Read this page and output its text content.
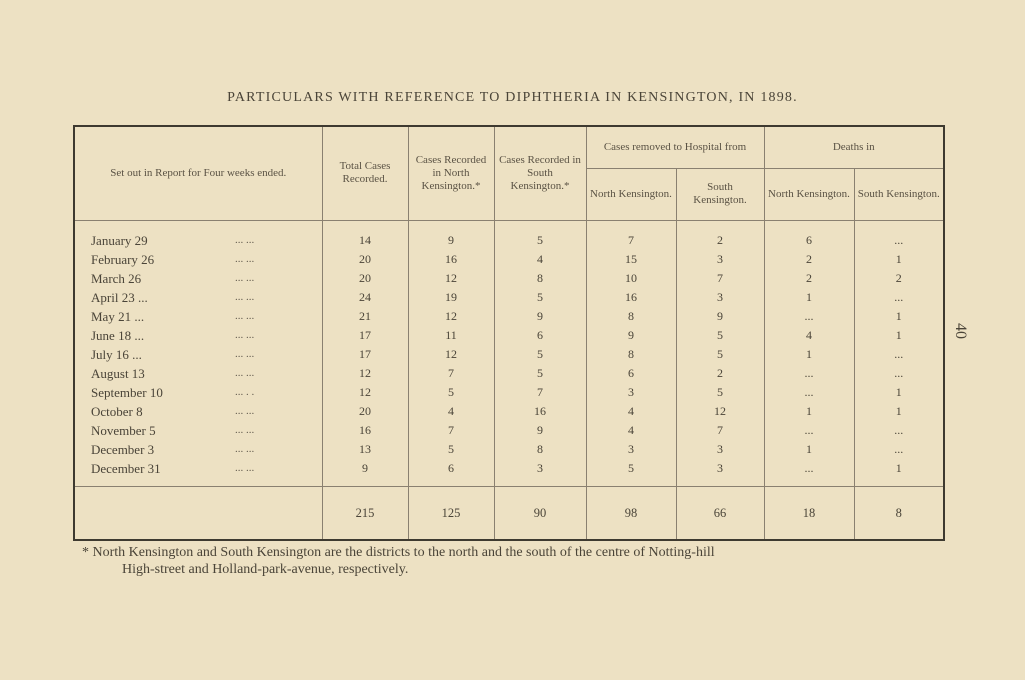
PARTICULARS WITH REFERENCE TO DIPHTHERIA IN KENSINGTON, IN 1898.
40
Set out in Report for Four weeks ended.	Total Cases Recorded.	Cases Recorded in North Kensington.*	Cases Recorded in South Kensington.*	Cases removed to Hospital from		Deaths in	
				North Kensington.	South Kensington.	North Kensington.	South Kensington.

January 29 ... ...	14	9	5	7	2	6	...
February 26 ... ...	20	16	4	15	3	2	1
March 26 ... ...	20	12	8	10	7	2	2
April 23 ... ... ...	24	19	5	16	3	1	...
May 21 ... ... ...	21	12	9	8	9	...	1
June 18 ... ... ...	17	11	6	9	5	4	1
July 16 ... ... ...	17	12	5	8	5	1	...
August 13 ... ...	12	7	5	6	2	...	...
September 10 ... . .	12	5	7	3	5	...	1
October 8 ... ...	20	4	16	4	12	1	1
November 5 ... ...	16	7	9	4	7	...	...
December 3 ... ...	13	5	8	3	3	1	...
December 31 ... ...	9	6	3	5	3	...	1

	215	125	90	98	66	18	8
* North Kensington and South Kensington are the districts to the north and the south of the centre of Notting-hill
High-street and Holland-park-avenue, respectively.
